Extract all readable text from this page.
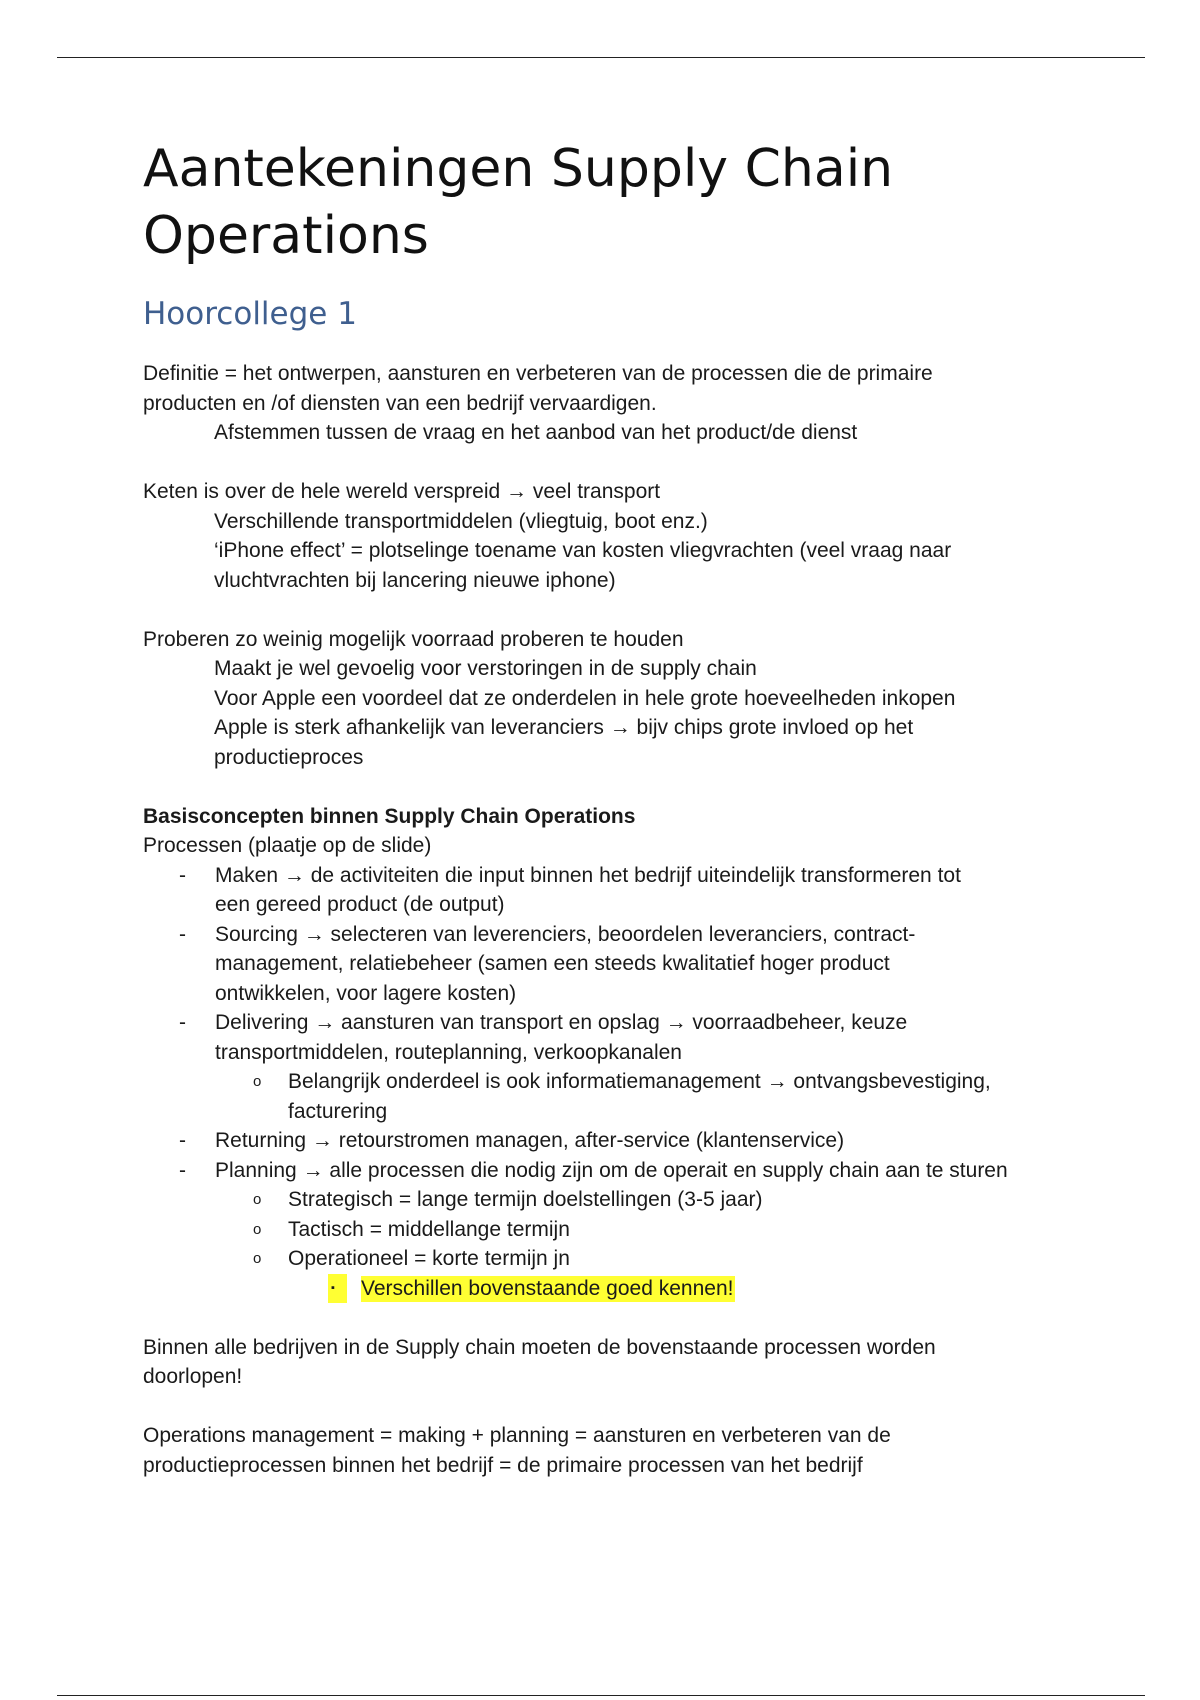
Aantekeningen Supply Chain
Operations
Hoorcollege 1
Definitie = het ontwerpen, aansturen en verbeteren van de processen die de primaire
producten en /of diensten van een bedrijf vervaardigen.
Afstemmen tussen de vraag en het aanbod van het product/de dienst
Keten is over de hele wereld verspreid → veel transport
Verschillende transportmiddelen (vliegtuig, boot enz.)
‘iPhone effect’ = plotselinge toename van kosten vliegvrachten (veel vraag naar
vluchtvrachten bij lancering nieuwe iphone)
Proberen zo weinig mogelijk voorraad proberen te houden
Maakt je wel gevoelig voor verstoringen in de supply chain
Voor Apple een voordeel dat ze onderdelen in hele grote hoeveelheden inkopen
Apple is sterk afhankelijk van leveranciers → bijv chips grote invloed op het
productieproces
Basisconcepten binnen Supply Chain Operations
Processen (plaatje op de slide)
- Maken → de activiteiten die input binnen het bedrijf uiteindelijk transformeren tot
een gereed product (de output)
- Sourcing → selecteren van leverenciers, beoordelen leveranciers, contract-
management, relatiebeheer (samen een steeds kwalitatief hoger product
ontwikkelen, voor lagere kosten)
- Delivering → aansturen van transport en opslag → voorraadbeheer, keuze
transportmiddelen, routeplanning, verkoopkanalen
o Belangrijk onderdeel is ook informatiemanagement → ontvangsbevestiging,
facturering
- Returning → retourstromen managen, after-service (klantenservice)
- Planning → alle processen die nodig zijn om de operait en supply chain aan te sturen
o Strategisch = lange termijn doelstellingen (3-5 jaar)
o Tactisch = middellange termijn
o Operationeel = korte termijn jn
▪	Verschillen bovenstaande goed kennen!
Binnen alle bedrijven in de Supply chain moeten de bovenstaande processen worden
doorlopen!
Operations management = making + planning = aansturen en verbeteren van de
productieprocessen binnen het bedrijf = de primaire processen van het bedrijf
